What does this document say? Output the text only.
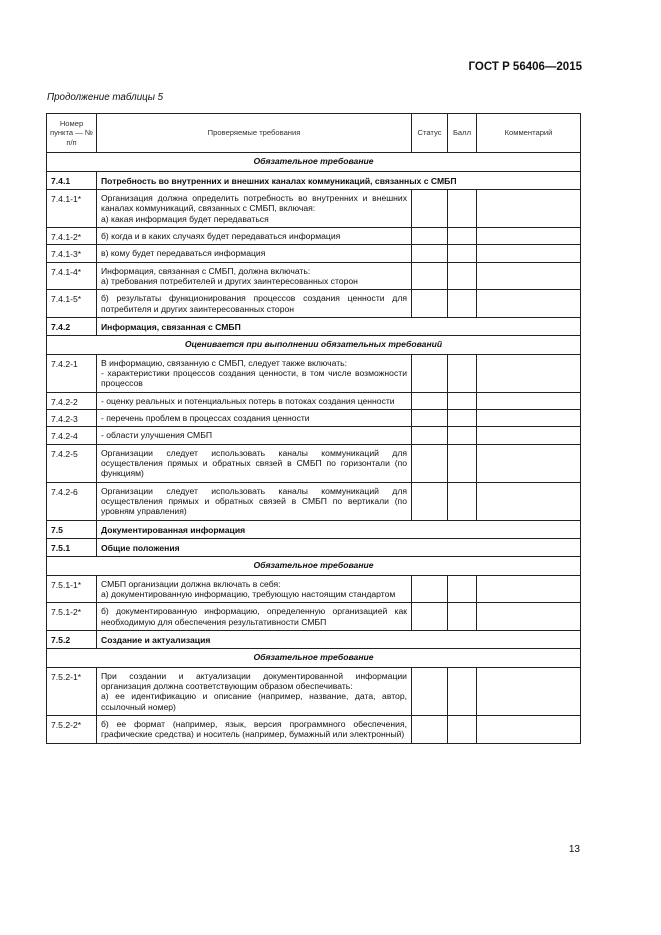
ГОСТ Р 56406—2015
Продолжение таблицы 5
Номер пункта — № п/п	Проверяемые требования	Статус	Балл	Комментарий
Обязательное требование				
7.4.1	Потребность во внутренних и внешних каналах коммуникаций, связанных с СМБП			
7.4.1-1*	Организация должна определить потребность во внутренних и внешних каналах коммуникаций, связанных с СМБП, включая:
а) какая информация будет передаваться			
7.4.1-2*	б) когда и в каких случаях будет передаваться информация			
7.4.1-3*	в) кому будет передаваться информация			
7.4.1-4*	Информация, связанная с СМБП, должна включать:
а) требования потребителей и других заинтересованных сторон			
7.4.1-5*	б) результаты функционирования процессов создания ценности для потребителя и других заинтересованных сторон			
7.4.2	Информация, связанная с СМБП			
Оценивается при выполнении обязательных требований				
7.4.2-1	В информацию, связанную с СМБП, следует также включать:
- характеристики процессов создания ценности, в том числе возможности процессов			
7.4.2-2	- оценку реальных и потенциальных потерь в потоках создания ценности			
7.4.2-3	- перечень проблем в процессах создания ценности			
7.4.2-4	- области улучшения СМБП			
7.4.2-5	Организации следует использовать каналы коммуникаций для осуществления прямых и обратных связей в СМБП по горизонтали (по функциям)			
7.4.2-6	Организации следует использовать каналы коммуникаций для осуществления прямых и обратных связей в СМБП по вертикали (по уровням управления)			
7.5	Документированная информация			
7.5.1	Общие положения			
Обязательное требование				
7.5.1-1*	СМБП организации должна включать в себя:
а) документированную информацию, требующую настоящим стандартом			
7.5.1-2*	б) документированную информацию, определенную организацией как необходимую для обеспечения результативности СМБП			
7.5.2	Создание и актуализация			
Обязательное требование				
7.5.2-1*	При создании и актуализации документированной информации организация должна соответствующим образом обеспечивать:
а) ее идентификацию и описание (например, название, дата, автор, ссылочный номер)			
7.5.2-2*	б) ее формат (например, язык, версия программного обеспечения, графические средства) и носитель (например, бумажный или электронный)			
13
